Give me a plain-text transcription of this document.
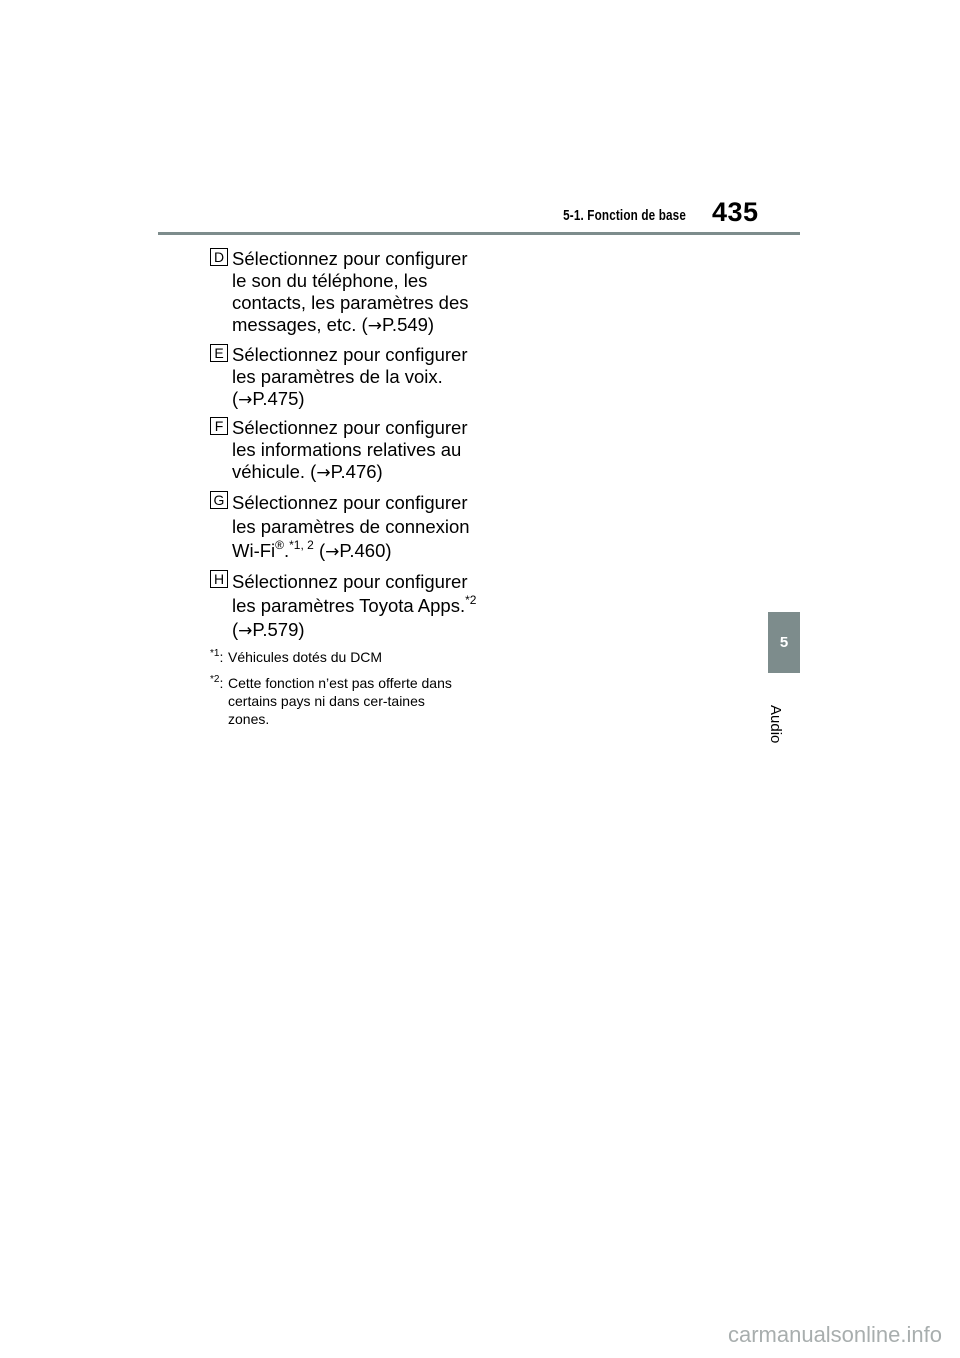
5-1. Fonction de base 435
5
Audio
D Sélectionnez pour configurer le son du téléphone, les contacts, les paramètres des messages, etc. (→P.549)
E Sélectionnez pour configurer les paramètres de la voix. (→P.475)
F Sélectionnez pour configurer les informations relatives au véhicule. (→P.476)
G Sélectionnez pour configurer les paramètres de connexion Wi-Fi®.$^{*1, 2}$ (→P.460)
H Sélectionnez pour configurer les paramètres Toyota Apps.$^{*2}$ (→P.579)
$^{*1}$: Véhicules dotés du DCM
$^{*2}$: Cette fonction n’est pas offerte dans certains pays ni dans cer-taines zones.
carmanualsonline.info
